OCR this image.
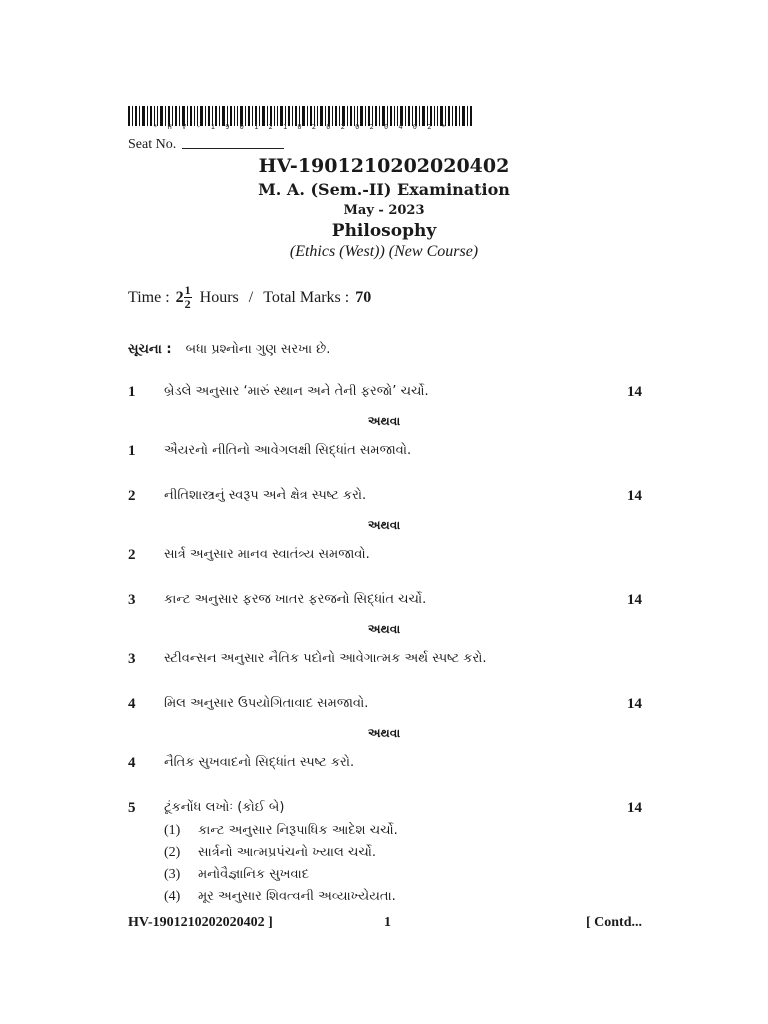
* H V - 1 9 0 1 2 1 0 2 0 2 0 2 0 4 0 2 *
Seat No.
HV-1901210202020402
M. A. (Sem.-II) Examination
May - 2023
Philosophy
(Ethics (West)) (New Course)
Time : $2 \frac{1}{2}$ Hours / Total Marks : 70
સૂચના : બધા પ્રશ્નોના ગુણ સરખા છે.
1 બ્રેડલે અનુસાર ‘મારું સ્થાન અને તેની ફરજો’ ચર્ચો.	14
અથવા
1 ઐયરનો નીતિનો આવેગલક્ષી સિદ્ધાંત સમજાવો.
2 નીતિશાસ્ત્રનું સ્વરૂપ અને ક્ષેત્ર સ્પષ્ટ કરો.	14
અથવા
2 સાર્ત્ર અનુસાર માનવ સ્વાતંત્ર્ય સમજાવો.
3 કાન્ટ અનુસાર ફરજ ખાતર ફરજનો સિદ્ધાંત ચર્ચો.	14
અથવા
3 સ્ટીવન્સન અનુસાર નૈતિક પદોનો આવેગાત્મક અર્થ સ્પષ્ટ કરો.
4 મિલ અનુસાર ઉપયોગિતાવાદ સમજાવો.	14
અથવા
4 નૈતિક સુખવાદનો સિદ્ધાંત સ્પષ્ટ કરો.
5 ટૂંકનોંધ લખોઃ (કોઈ બે)	14
(1) કાન્ટ અનુસાર નિરૂપાધિક આદેશ ચર્ચો.
(2) સાર્ત્રનો આત્મપ્રપંચનો ખ્યાલ ચર્ચો.
(3) મનોવૈજ્ઞાનિક સુખવાદ
(4) મૂર અનુસાર શિવત્વની અવ્યાખ્યેયતા.
HV-1901210202020402 ]	1	[ Contd...
